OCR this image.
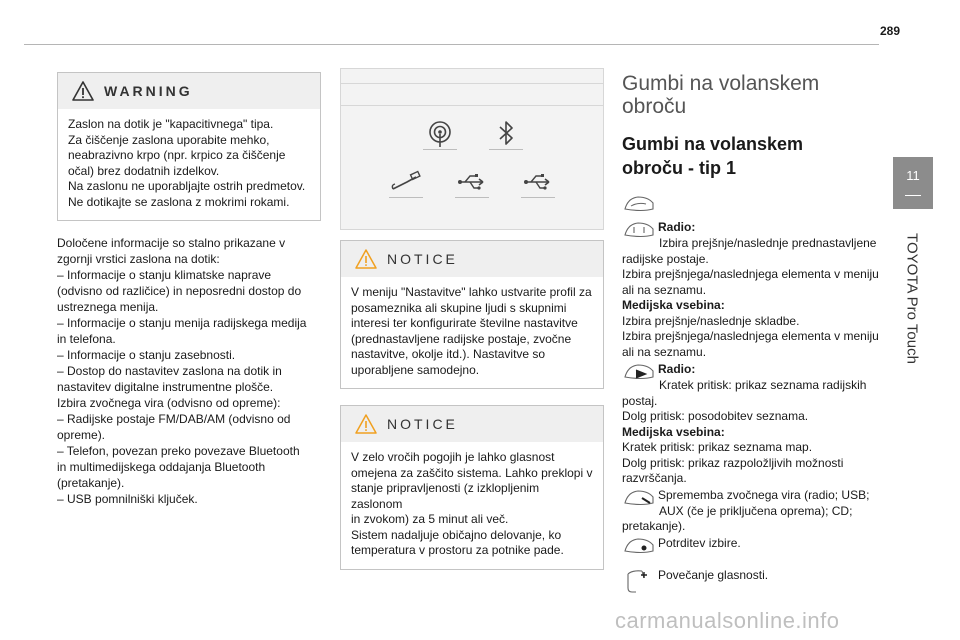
289
11
TOYOTA Pro Touch
WARNING
Zaslon na dotik je "kapacitivnega" tipa.
Za čiščenje zaslona uporabite mehko,
neabrazivno krpo (npr. krpico za čiščenje
očal) brez dodatnih izdelkov.
Na zaslonu ne uporabljajte ostrih predmetov.
Ne dotikajte se zaslona z mokrimi rokami.
Določene informacije so stalno prikazane v
zgornji vrstici zaslona na dotik:
– Informacije o stanju klimatske naprave
(odvisno od različice) in neposredni dostop do
ustreznega menija.
– Informacije o stanju menija radijskega medija
in telefona.
– Informacije o stanju zasebnosti.
– Dostop do nastavitev zaslona na dotik in
nastavitev digitalne instrumentne plošče.
Izbira zvočnega vira (odvisno od opreme):
– Radijske postaje FM/DAB/AM (odvisno od
opreme).
– Telefon, povezan preko povezave Bluetooth
in multimedijskega oddajanja Bluetooth
(pretakanje).
– USB pomnilniški ključek.
NOTICE
V meniju "Nastavitve" lahko ustvarite profil za
posameznika ali skupine ljudi s skupnimi
interesi ter konfigurirate številne nastavitve
(prednastavljene radijske postaje, zvočne
nastavitve, okolje itd.). Nastavitve so
uporabljene samodejno.
NOTICE
V zelo vročih pogojih je lahko glasnost
omejena za zaščito sistema. Lahko preklopi v
stanje pripravljenosti (z izklopljenim zaslonom
in zvokom) za 5 minut ali več.
Sistem nadaljuje običajno delovanje, ko
temperatura v prostoru za potnike pade.
Gumbi na volanskem
obroču
Gumbi na volanskem
obroču - tip 1
Radio:
Izbira prejšnje/naslednje prednastavljene
radijske postaje.
Izbira prejšnjega/naslednjega elementa v meniju
ali na seznamu.
Medijska vsebina:
Izbira prejšnje/naslednje skladbe.
Izbira prejšnjega/naslednjega elementa v meniju
ali na seznamu.
Radio:
Kratek pritisk: prikaz seznama radijskih
postaj.
Dolg pritisk: posodobitev seznama.
Medijska vsebina:
Kratek pritisk: prikaz seznama map.
Dolg pritisk: prikaz razpoložljivih možnosti
razvrščanja.
Sprememba zvočnega vira (radio; USB;
AUX (če je priključena oprema); CD;
pretakanje).
Potrditev izbire.
Povečanje glasnosti.
carmanualsonline.info
